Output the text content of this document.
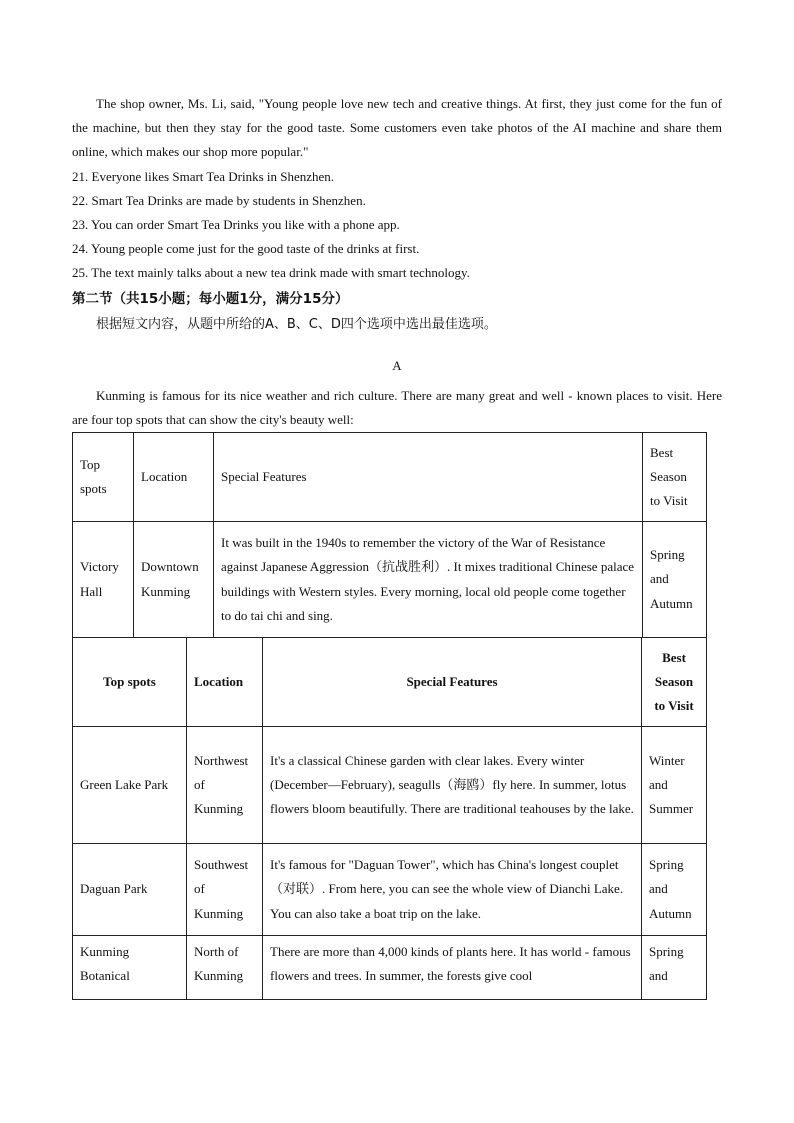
The shop owner, Ms. Li, said, "Young people love new tech and creative things. At first, they just come for the fun of the machine, but then they stay for the good taste. Some customers even take photos of the AI machine and share them online, which makes our shop more popular."

21. Everyone likes Smart Tea Drinks in Shenzhen.

22. Smart Tea Drinks are made by students in Shenzhen.

23. You can order Smart Tea Drinks you like with a phone app.

24. Young people come just for the good taste of the drinks at first.

25. The text mainly talks about a new tea drink made with smart technology.

第二节（共15小题；每小题1分，满分15分）

根据短文内容，从题中所给的A、B、C、D四个选项中选出最佳选项。

A

Kunming is famous for its nice weather and rich culture. There are many great and well - known places to visit. Here are four top spots that can show the city's beauty well:

Top spots	Location	Special Features	Best Season to Visit
Victory Hall	Downtown Kunming	It was built in the 1940s to remember the victory of the War of Resistance against Japanese Aggression（抗战胜利）. It mixes traditional Chinese palace buildings with Western styles. Every morning, local old people come together to do tai chi and sing.	Spring and Autumn
Top spots	Location	Special Features	Best Season to Visit
Green Lake Park	Northwest of Kunming	It's a classical Chinese garden with clear lakes. Every winter (December—February), seagulls（海鸥）fly here. In summer, lotus flowers bloom beautifully. There are traditional teahouses by the lake.	Winter and Summer
Daguan Park	Southwest of Kunming	It's famous for "Daguan Tower", which has China's longest couplet（对联）. From here, you can see the whole view of Dianchi Lake. You can also take a boat trip on the lake.	Spring and Autumn
Kunming Botanical	North of Kunming	There are more than 4,000 kinds of plants here. It has world - famous flowers and trees. In summer, the forests give cool	Spring and
